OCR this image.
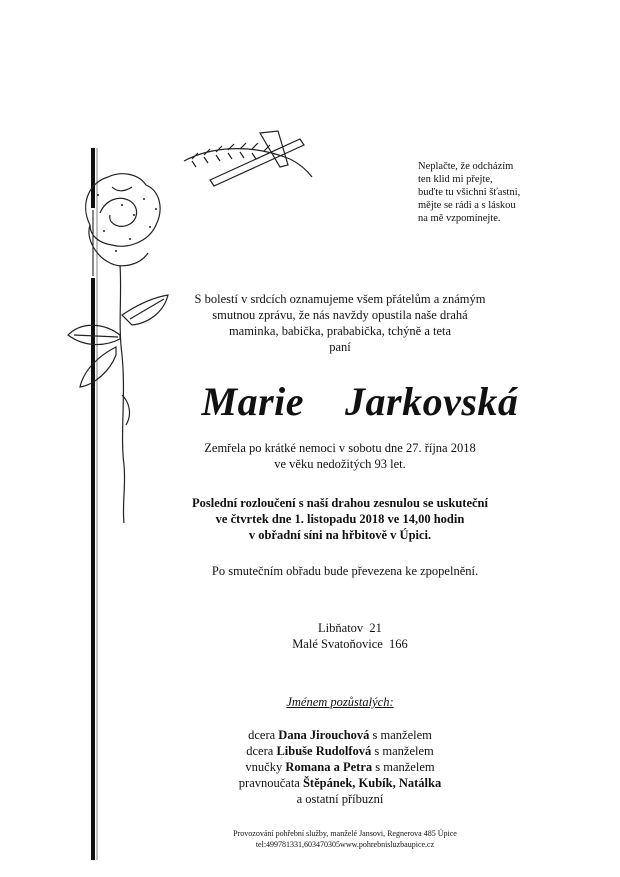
Neplačte, že odcházím
ten klid mi přejte,
buďte tu všichni šťastni,
mějte se rádi a s láskou
na mě vzpomínejte.
S bolestí v srdcích oznamujeme všem přátelům a známým
smutnou zprávu, že nás navždy opustila naše drahá
maminka, babička, prababička, tchýně a teta
paní
Marie  Jarkovská
Zemřela po krátké nemoci v sobotu dne 27. října 2018
ve věku nedožitých 93 let.
Poslední rozloučení s naší drahou zesnulou se uskuteční
ve čtvrtek dne 1. listopadu 2018 ve 14,00 hodin
v obřadní síni na hřbitově v Úpici.
Po smutečním obřadu bude převezena ke zpopelnění.
Libňatov  21
Malé Svatoňovice  166
Jménem pozůstalých:
dcera Dana Jirouchová s manželem
dcera Libuše Rudolfová s manželem
vnučky Romana a Petra s manželem
pravnoučata Štěpánek, Kubík, Natálka
a ostatní příbuzní
Provozování pohřební služby, manželé Jansovi, Regnerova 485 Úpice
tel:499781331,603470305www.pohrebnisluzbaupice.cz
